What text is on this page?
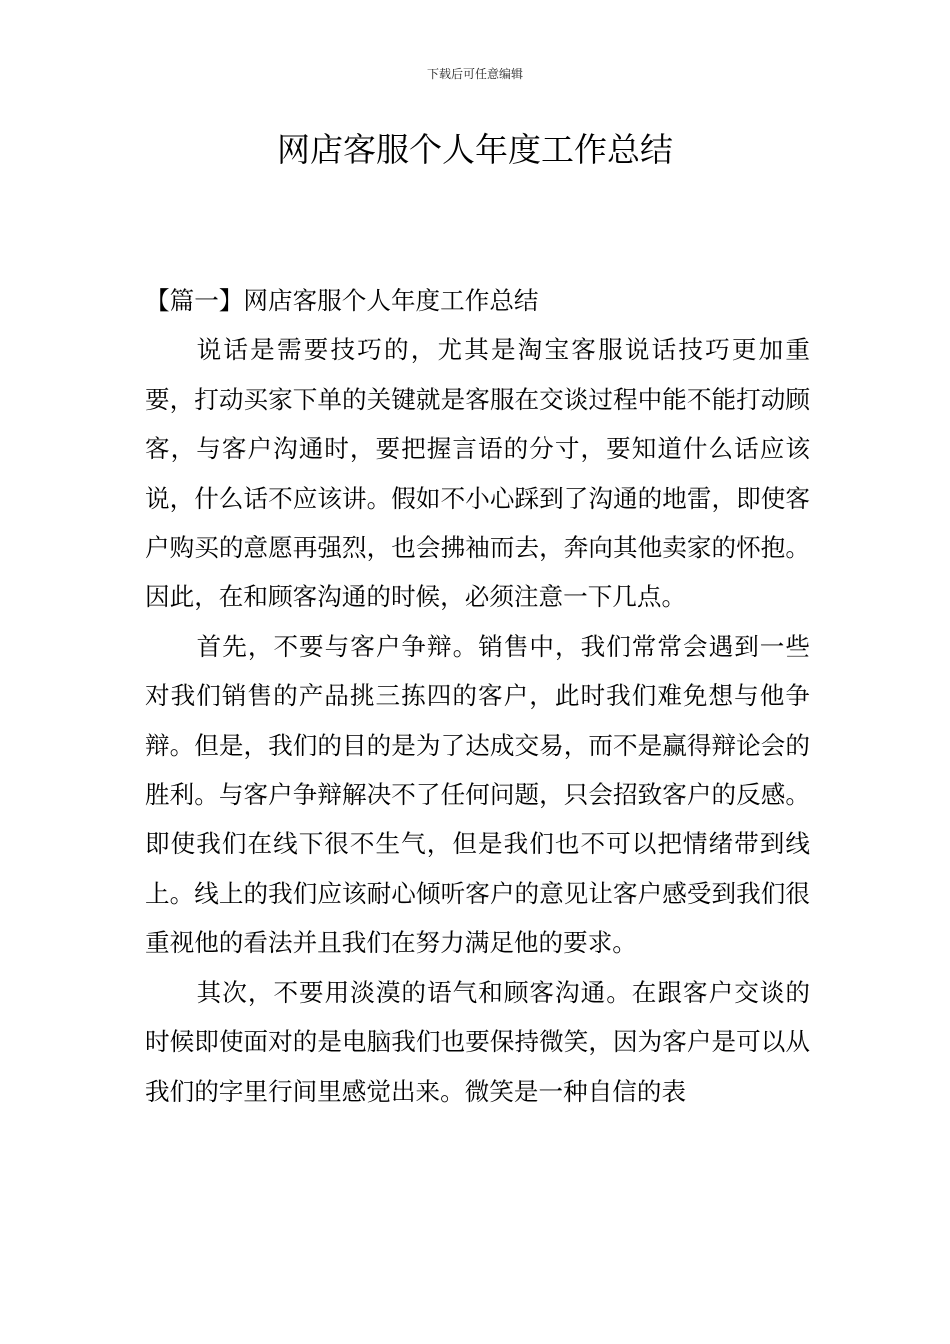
下载后可任意编辑
网店客服个人年度工作总结

【篇一】网店客服个人年度工作总结

说话是需要技巧的，尤其是淘宝客服说话技巧更加重要，打动买家下单的关键就是客服在交谈过程中能不能打动顾客，与客户沟通时，要把握言语的分寸，要知道什么话应该说，什么话不应该讲。假如不小心踩到了沟通的地雷，即使客户购买的意愿再强烈，也会拂袖而去，奔向其他卖家的怀抱。因此，在和顾客沟通的时候，必须注意一下几点。

首先，不要与客户争辩。销售中，我们常常会遇到一些对我们销售的产品挑三拣四的客户，此时我们难免想与他争辩。但是，我们的目的是为了达成交易，而不是赢得辩论会的胜利。与客户争辩解决不了任何问题，只会招致客户的反感。即使我们在线下很不生气，但是我们也不可以把情绪带到线上。线上的我们应该耐心倾听客户的意见让客户感受到我们很重视他的看法并且我们在努力满足他的要求。

其次，不要用淡漠的语气和顾客沟通。在跟客户交谈的时候即使面对的是电脑我们也要保持微笑，因为客户是可以从我们的字里行间里感觉出来。微笑是一种自信的表
